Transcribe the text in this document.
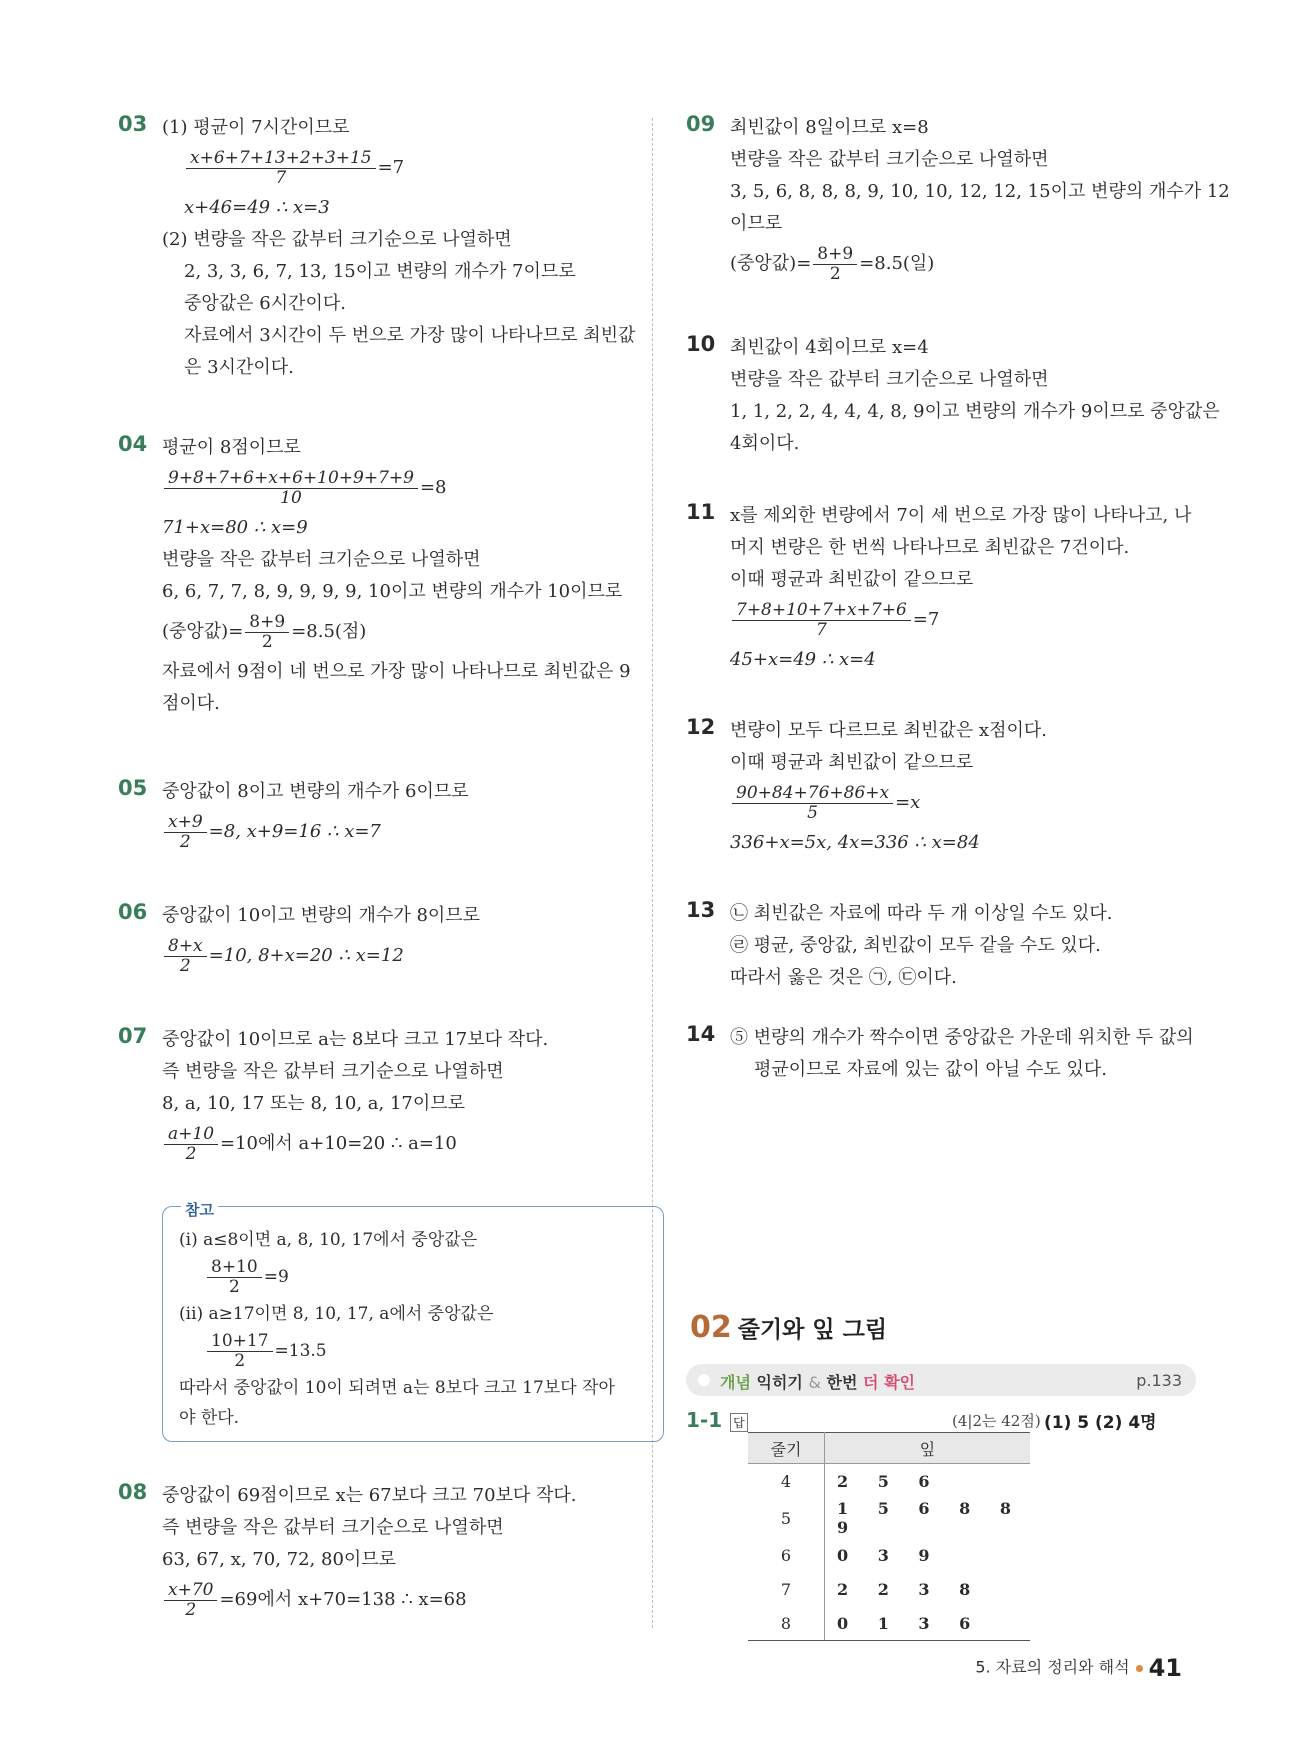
03 (1) 평균이 7시간이므로

$\frac{x+6+7+13+2+3+15}{7} =7$

x+46=49 ∴ x=3

(2) 변량을 작은 값부터 크기순으로 나열하면

2, 3, 3, 6, 7, 13, 15이고 변량의 개수가 7이므로

중앙값은 6시간이다.

자료에서 3시간이 두 번으로 가장 많이 나타나므로 최빈값

은 3시간이다.

04 평균이 8점이므로

$\frac{9+8+7+6+x+6+10+9+7+9}{10} =8$

71+x=80 ∴ x=9

변량을 작은 값부터 크기순으로 나열하면

6, 6, 7, 7, 8, 9, 9, 9, 9, 10이고 변량의 개수가 10이므로

(중앙값)= $\frac{8+9}{2} =8.5$(점)

자료에서 9점이 네 번으로 가장 많이 나타나므로 최빈값은 9

점이다.

05 중앙값이 8이고 변량의 개수가 6이므로

$\frac{x+9}{2} =8$, x+9=16 ∴ x=7

06 중앙값이 10이고 변량의 개수가 8이므로

$\frac{8+x}{2} =10$, 8+x=20 ∴ x=12

07 중앙값이 10이므로 a는 8보다 크고 17보다 작다.

즉 변량을 작은 값부터 크기순으로 나열하면

8, a, 10, 17 또는 8, 10, a, 17이므로

$\frac{a+10}{2} =10$에서 a+10=20 ∴ a=10

참고

(i) a≤8이면 a, 8, 10, 17에서 중앙값은

$\frac{8+10}{2} =9$

(ii) a≥17이면 8, 10, 17, a에서 중앙값은

$\frac{10+17}{2} =13.5$

따라서 중앙값이 10이 되려면 a는 8보다 크고 17보다 작아

야 한다.

08 중앙값이 69점이므로 x는 67보다 크고 70보다 작다.

즉 변량을 작은 값부터 크기순으로 나열하면

63, 67, x, 70, 72, 80이므로

$\frac{x+70}{2} =69$에서 x+70=138 ∴ x=68

09 최빈값이 8일이므로 x=8

변량을 작은 값부터 크기순으로 나열하면

3, 5, 6, 8, 8, 8, 9, 10, 10, 12, 12, 15이고 변량의 개수가 12

이므로

(중앙값)= $\frac{8+9}{2} =8.5$(일)

10 최빈값이 4회이므로 x=4

변량을 작은 값부터 크기순으로 나열하면

1, 1, 2, 2, 4, 4, 4, 8, 9이고 변량의 개수가 9이므로 중앙값은

4회이다.

11 x를 제외한 변량에서 7이 세 번으로 가장 많이 나타나고, 나

머지 변량은 한 번씩 나타나므로 최빈값은 7건이다.

이때 평균과 최빈값이 같으므로

$\frac{7+8+10+7+x+7+6}{7} =7$

45+x=49 ∴ x=4

12 변량이 모두 다르므로 최빈값은 x점이다.

이때 평균과 최빈값이 같으므로

$\frac{90+84+76+86+x}{5} =x$

336+x=5x, 4x=336 ∴ x=84

13 ㉡ 최빈값은 자료에 따라 두 개 이상일 수도 있다.

㉣ 평균, 중앙값, 최빈값이 모두 같을 수도 있다.

따라서 옳은 것은 ㉠, ㉢이다.

14 ⑤ 변량의 개수가 짝수이면 중앙값은 가운데 위치한 두 값의

평균이므로 자료에 있는 값이 아닐 수도 있다.

02 줄기와 잎 그림
개념 익히기 & 한번 더 확인	p.133
1-1 답	(4|2는 42점) (1) 5 (2) 4명
줄기	잎
4	2 5 6
5	1 5 6 8 8 9
6	0 3 9
7	2 2 3 8
8	0 1 3 6
5. 자료의 정리와 해석 41
